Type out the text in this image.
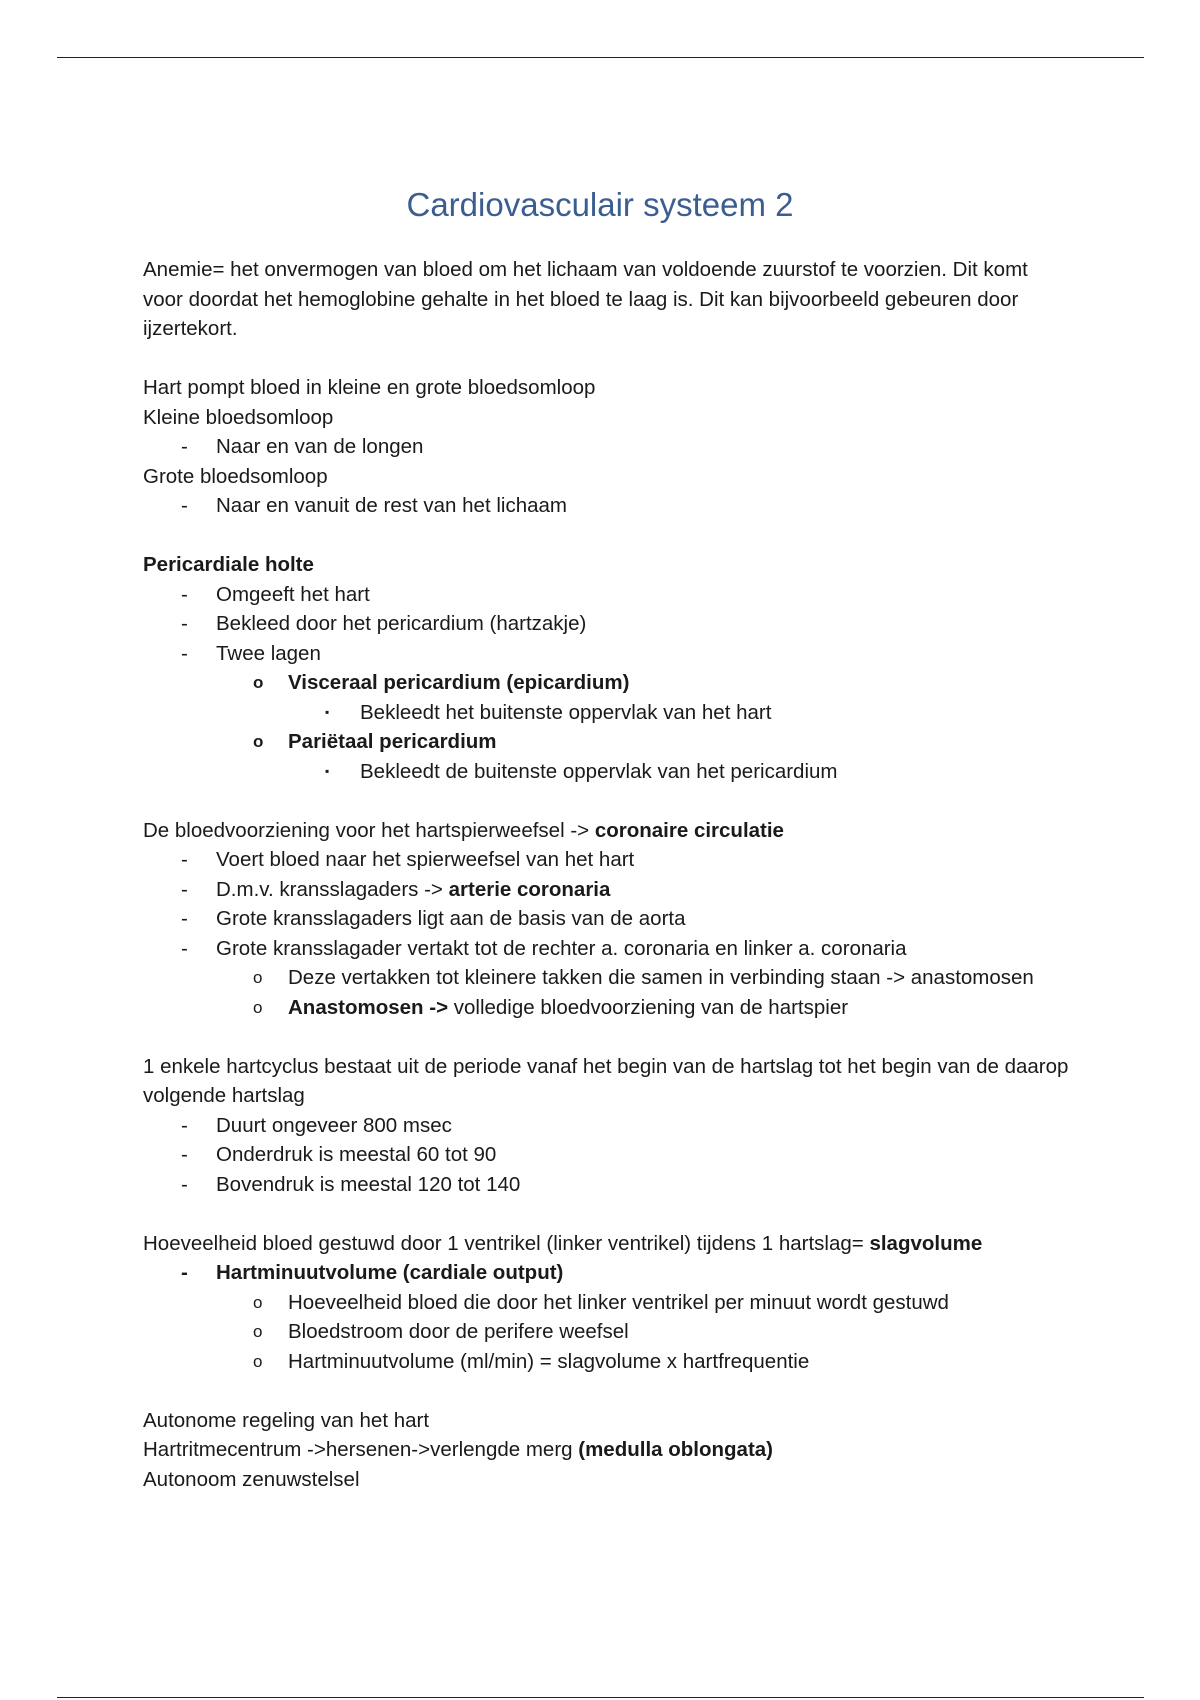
Cardiovasculair systeem 2

Anemie= het onvermogen van bloed om het lichaam van voldoende zuurstof te voorzien. Dit komt voor doordat het hemoglobine gehalte in het bloed te laag is. Dit kan bijvoorbeeld gebeuren door ijzertekort.

Hart pompt bloed in kleine en grote bloedsomloop

Kleine bloedsomloop

-	Naar en van de longen

Grote bloedsomloop

-	Naar en vanuit de rest van het lichaam

Pericardiale holte

-	Omgeeft het hart
-	Bekleed door het pericardium (hartzakje)
-	Twee lagen
o	Visceraal pericardium (epicardium)
▪	Bekleedt het buitenste oppervlak van het hart
o	Pariëtaal pericardium
▪	Bekleedt de buitenste oppervlak van het pericardium

De bloedvoorziening voor het hartspierweefsel -> coronaire circulatie

-	Voert bloed naar het spierweefsel van het hart
-	D.m.v. kransslagaders -> arterie coronaria
-	Grote kransslagaders ligt aan de basis van de aorta
-	Grote kransslagader vertakt tot de rechter a. coronaria en linker a. coronaria
o	Deze vertakken tot kleinere takken die samen in verbinding staan -> anastomosen
o	Anastomosen -> volledige bloedvoorziening van de hartspier

1 enkele hartcyclus bestaat uit de periode vanaf het begin van de hartslag tot het begin van de daarop volgende hartslag

-	Duurt ongeveer 800 msec
-	Onderdruk is meestal 60 tot 90
-	Bovendruk is meestal 120 tot 140

Hoeveelheid bloed gestuwd door 1 ventrikel (linker ventrikel) tijdens 1 hartslag= slagvolume

-	Hartminuutvolume (cardiale output)
o	Hoeveelheid bloed die door het linker ventrikel per minuut wordt gestuwd
o	Bloedstroom door de perifere weefsel
o	Hartminuutvolume (ml/min) = slagvolume x hartfrequentie

Autonome regeling van het hart

Hartritmecentrum ->hersenen->verlengde merg (medulla oblongata)

Autonoom zenuwstelsel
